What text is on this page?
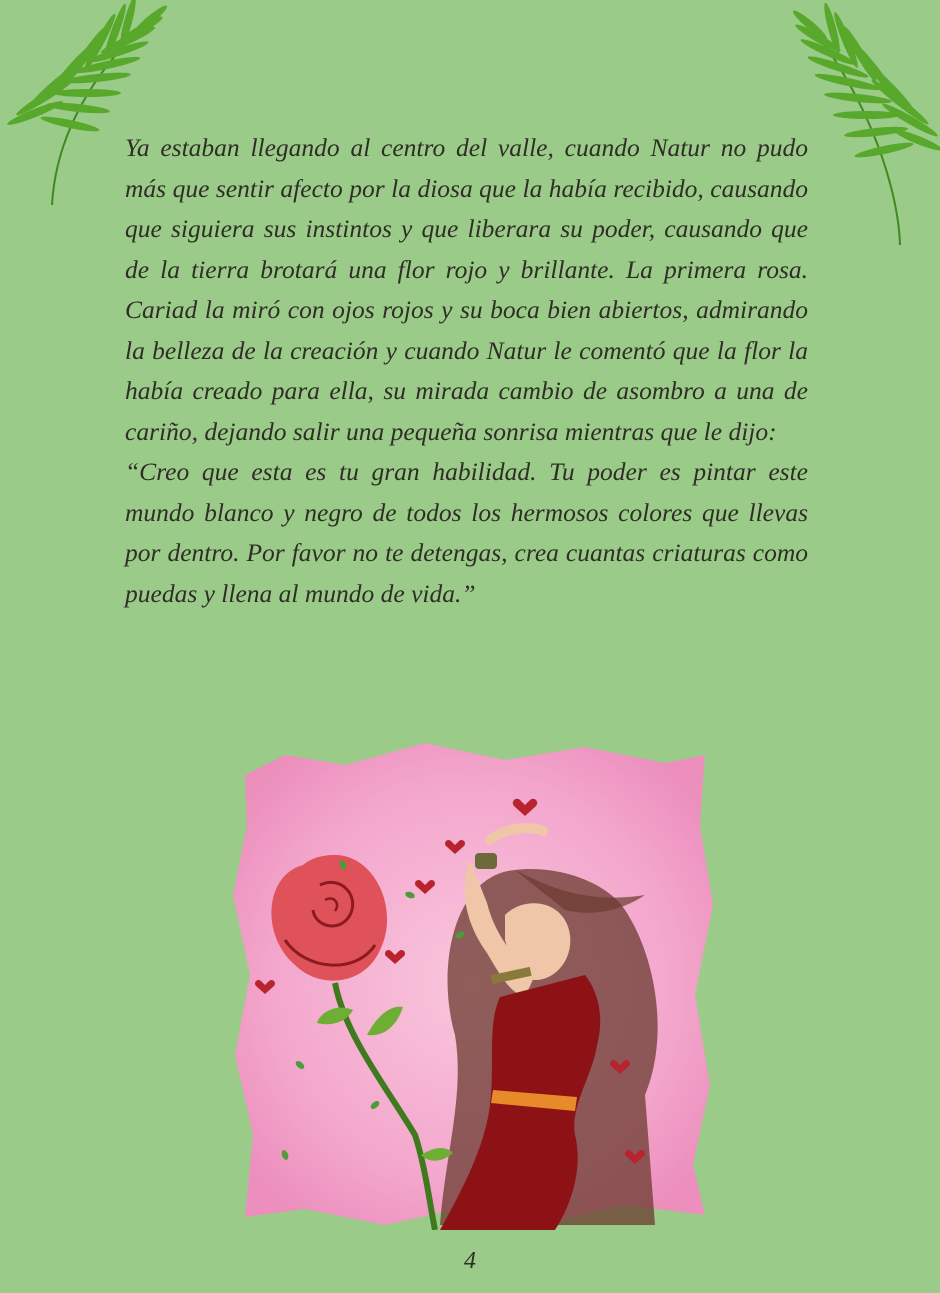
Ya estaban llegando al centro del valle, cuando Natur no pudo más que sentir afecto por la diosa que la había recibido, causando que siguiera sus instintos y que liberara su poder, causando que de la tierra brotará una flor rojo y brillante. La primera rosa. Cariad la miró con ojos rojos y su boca bien abiertos, admirando la belleza de la creación y cuando Natur le comentó que la flor la había creado para ella, su mirada cambio de asombro a una de cariño, dejando salir una pequeña sonrisa mientras que le dijo:

“Creo que esta es tu gran habilidad. Tu poder es pintar este mundo blanco y negro de todos los hermosos colores que llevas por dentro. Por favor no te detengas, crea cuantas criaturas como puedas y llena al mundo de vida.”

4
